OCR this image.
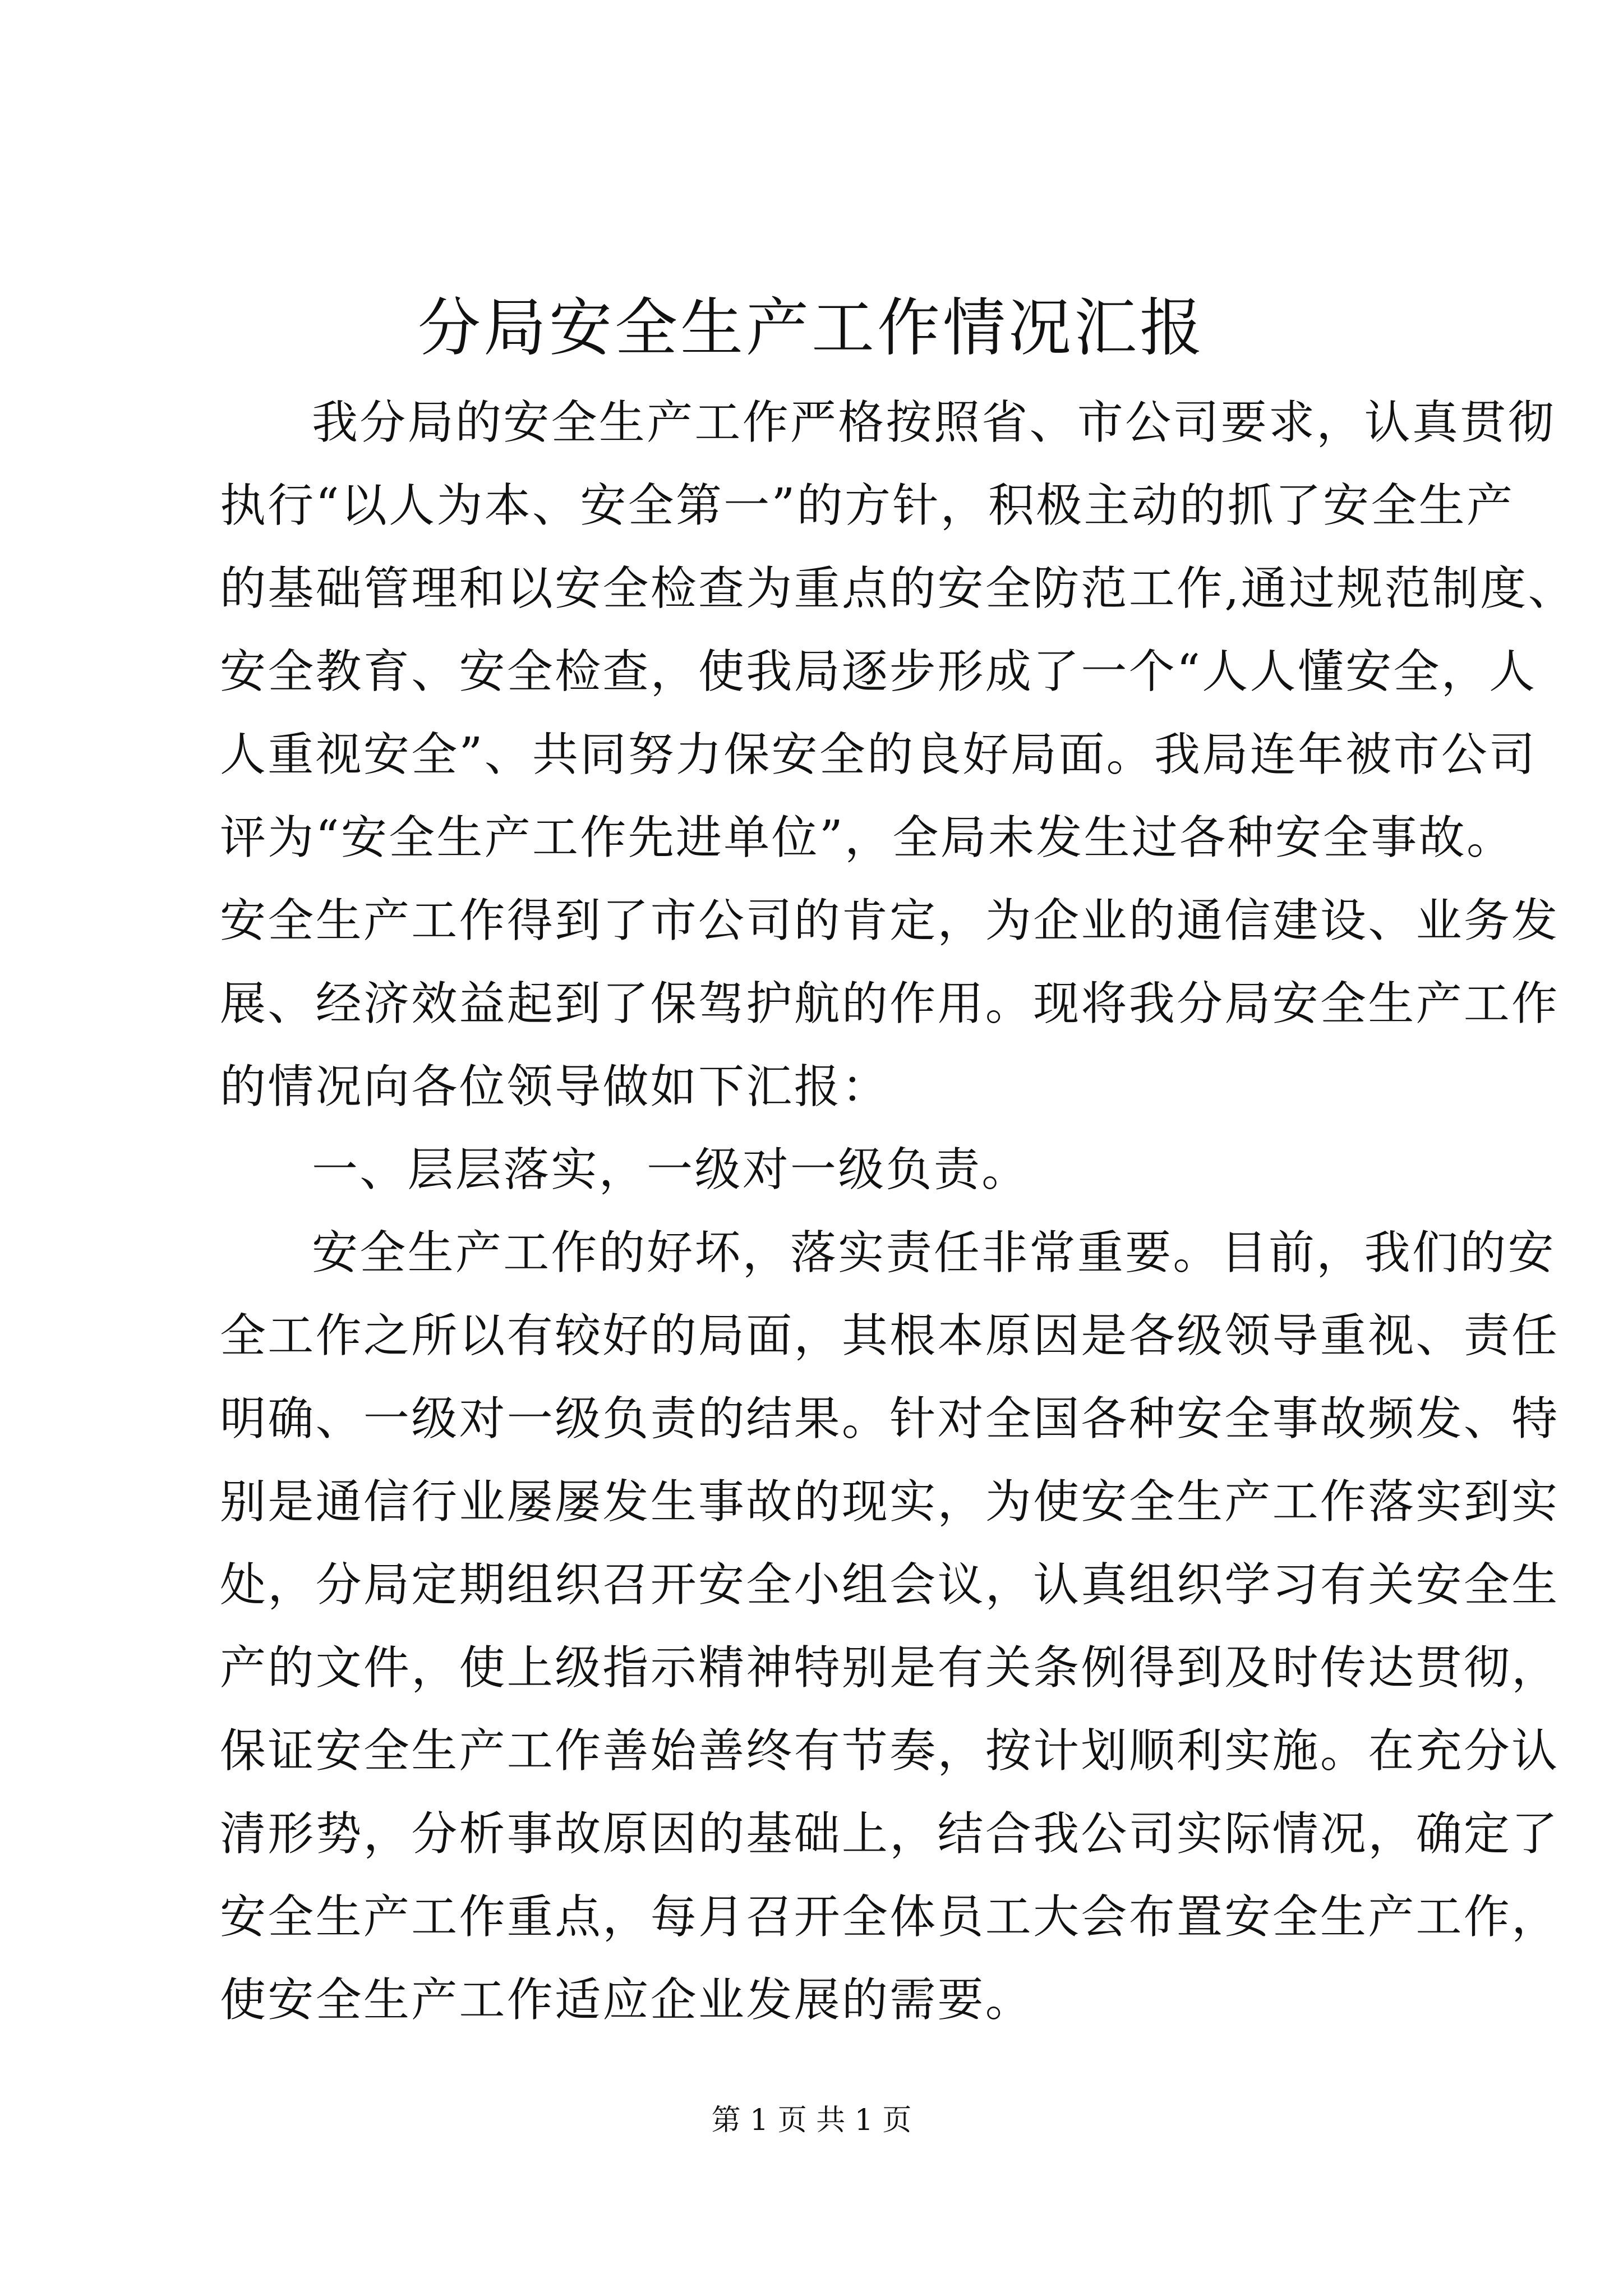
分局安全生产工作情况汇报
我分局的安全生产工作严格按照省、市公司要求，认真贯彻
执行“以人为本、安全第一”的方针，积极主动的抓了安全生产
的基础管理和以安全检查为重点的安全防范工作,通过规范制度、
安全教育、安全检查，使我局逐步形成了一个“人人懂安全，人
人重视安全”、共同努力保安全的良好局面。我局连年被市公司
评为“安全生产工作先进单位”，全局未发生过各种安全事故。
安全生产工作得到了市公司的肯定，为企业的通信建设、业务发
展、经济效益起到了保驾护航的作用。现将我分局安全生产工作
的情况向各位领导做如下汇报：
一、层层落实，一级对一级负责。
安全生产工作的好坏，落实责任非常重要。目前，我们的安
全工作之所以有较好的局面，其根本原因是各级领导重视、责任
明确、一级对一级负责的结果。针对全国各种安全事故频发、特
别是通信行业屡屡发生事故的现实，为使安全生产工作落实到实
处，分局定期组织召开安全小组会议，认真组织学习有关安全生
产的文件，使上级指示精神特别是有关条例得到及时传达贯彻，
保证安全生产工作善始善终有节奏，按计划顺利实施。在充分认
清形势，分析事故原因的基础上，结合我公司实际情况，确定了
安全生产工作重点，每月召开全体员工大会布置安全生产工作，
使安全生产工作适应企业发展的需要。
第 1 页 共 1 页
